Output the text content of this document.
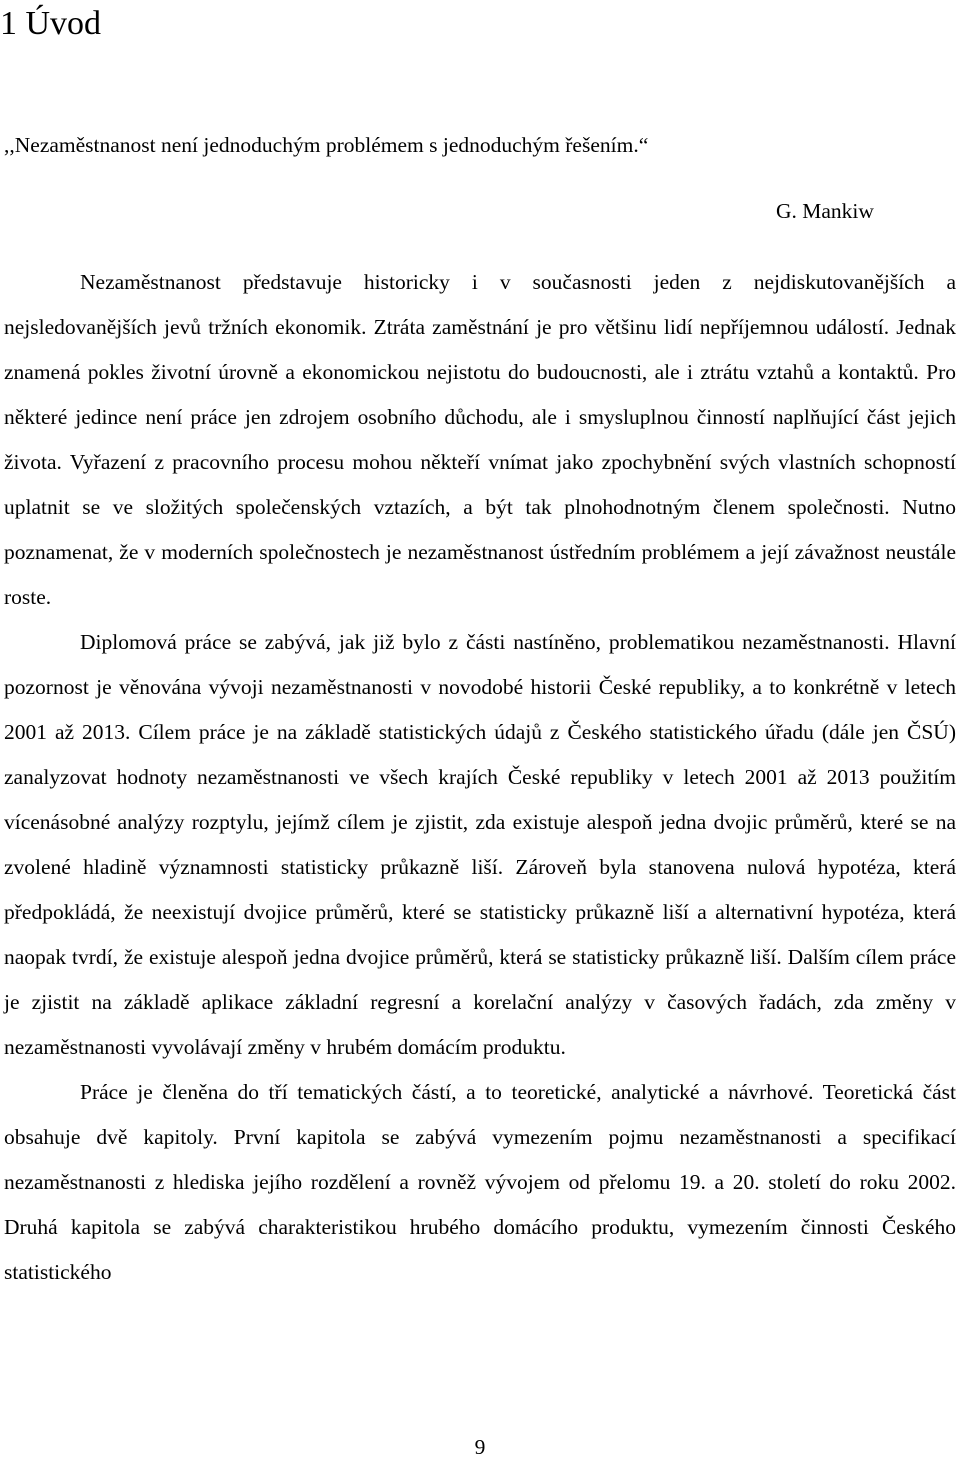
1 Úvod
,,Nezaměstnanost není jednoduchým problémem s jednoduchým řešením.“
G. Mankiw

Nezaměstnanost představuje historicky i v současnosti jeden z nejdiskutovanějších a nejsledovanějších jevů tržních ekonomik. Ztráta zaměstnání je pro většinu lidí nepříjemnou událostí. Jednak znamená pokles životní úrovně a ekonomickou nejistotu do budoucnosti, ale i ztrátu vztahů a kontaktů. Pro některé jedince není práce jen zdrojem osobního důchodu, ale i smysluplnou činností naplňující část jejich života. Vyřazení z pracovního procesu mohou někteří vnímat jako zpochybnění svých vlastních schopností uplatnit se ve složitých společenských vztazích, a být tak plnohodnotným členem společnosti. Nutno poznamenat, že v moderních společnostech je nezaměstnanost ústředním problémem a její závažnost neustále roste.

Diplomová práce se zabývá, jak již bylo z části nastíněno, problematikou nezaměstnanosti. Hlavní pozornost je věnována vývoji nezaměstnanosti v novodobé historii České republiky, a to konkrétně v letech 2001 až 2013. Cílem práce je na základě statistických údajů z Českého statistického úřadu (dále jen ČSÚ) zanalyzovat hodnoty nezaměstnanosti ve všech krajích České republiky v letech 2001 až 2013 použitím vícenásobné analýzy rozptylu, jejímž cílem je zjistit, zda existuje alespoň jedna dvojic průměrů, které se na zvolené hladině významnosti statisticky průkazně liší. Zároveň byla stanovena nulová hypotéza, která předpokládá, že neexistují dvojice průměrů, které se statisticky průkazně liší a alternativní hypotéza, která naopak tvrdí, že existuje alespoň jedna dvojice průměrů, která se statisticky průkazně liší. Dalším cílem práce je zjistit na základě aplikace základní regresní a korelační analýzy v časových řadách, zda změny v nezaměstnanosti vyvolávají změny v hrubém domácím produktu.

Práce je členěna do tří tematických částí, a to teoretické, analytické a návrhové. Teoretická část obsahuje dvě kapitoly. První kapitola se zabývá vymezením pojmu nezaměstnanosti a specifikací nezaměstnanosti z hlediska jejího rozdělení a rovněž vývojem od přelomu 19. a 20. století do roku 2002. Druhá kapitola se zabývá charakteristikou hrubého domácího produktu, vymezením činnosti Českého statistického

9
